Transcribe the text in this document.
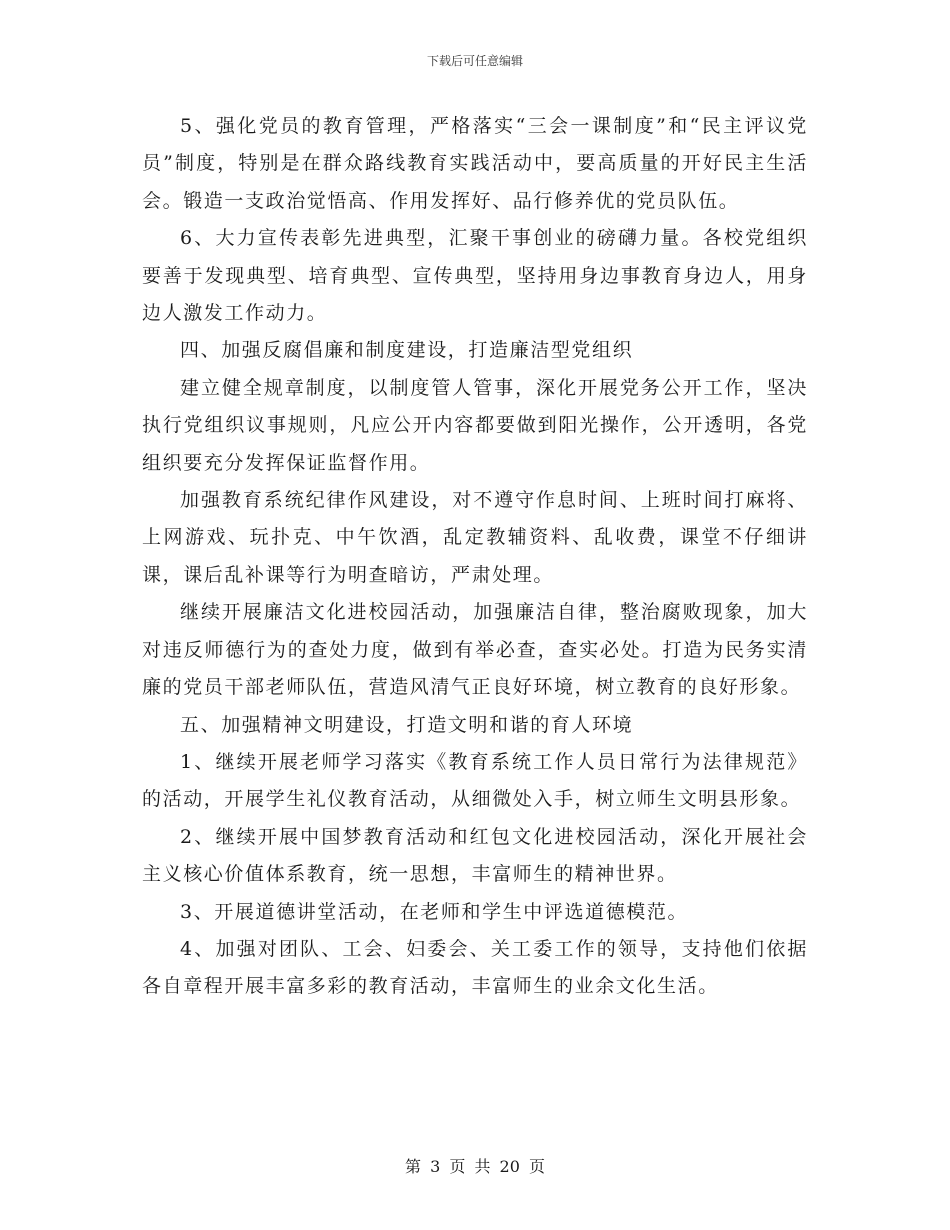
下载后可任意编辑

5、强化党员的教育管理，严格落实“三会一课制度”和“民主评议党员”制度，特别是在群众路线教育实践活动中，要高质量的开好民主生活会。锻造一支政治觉悟高、作用发挥好、品行修养优的党员队伍。

6、大力宣传表彰先进典型，汇聚干事创业的磅礴力量。各校党组织要善于发现典型、培育典型、宣传典型，坚持用身边事教育身边人，用身边人激发工作动力。

四、加强反腐倡廉和制度建设，打造廉洁型党组织

建立健全规章制度，以制度管人管事，深化开展党务公开工作，坚决执行党组织议事规则，凡应公开内容都要做到阳光操作，公开透明，各党组织要充分发挥保证监督作用。

加强教育系统纪律作风建设，对不遵守作息时间、上班时间打麻将、上网游戏、玩扑克、中午饮酒，乱定教辅资料、乱收费，课堂不仔细讲课，课后乱补课等行为明查暗访，严肃处理。

继续开展廉洁文化进校园活动，加强廉洁自律，整治腐败现象，加大对违反师德行为的查处力度，做到有举必查，查实必处。打造为民务实清廉的党员干部老师队伍，营造风清气正良好环境，树立教育的良好形象。

五、加强精神文明建设，打造文明和谐的育人环境

1、继续开展老师学习落实《教育系统工作人员日常行为法律规范》的活动，开展学生礼仪教育活动，从细微处入手，树立师生文明县形象。

2、继续开展中国梦教育活动和红包文化进校园活动，深化开展社会主义核心价值体系教育，统一思想，丰富师生的精神世界。

3、开展道德讲堂活动，在老师和学生中评选道德模范。

4、加强对团队、工会、妇委会、关工委工作的领导，支持他们依据各自章程开展丰富多彩的教育活动，丰富师生的业余文化生活。

第 3 页 共 20 页
